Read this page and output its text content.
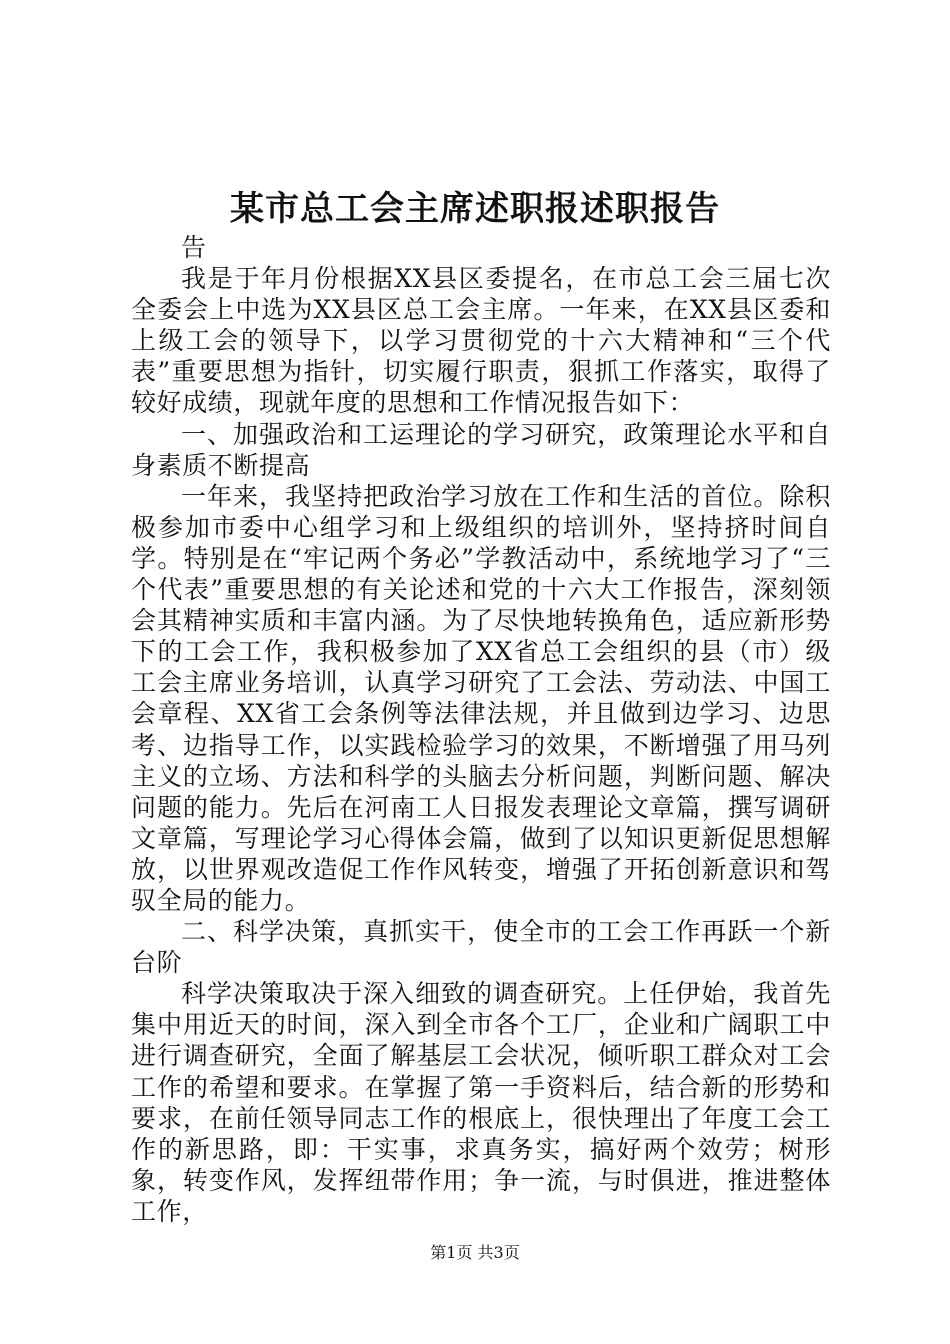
某市总工会主席述职报述职报告

告

我是于年月份根据XX县区委提名，在市总工会三届七次全委会上中选为XX县区总工会主席。一年来，在XX县区委和上级工会的领导下，以学习贯彻党的十六大精神和“三个代表”重要思想为指针，切实履行职责，狠抓工作落实，取得了较好成绩，现就年度的思想和工作情况报告如下：

一、加强政治和工运理论的学习研究，政策理论水平和自身素质不断提高

一年来，我坚持把政治学习放在工作和生活的首位。除积极参加市委中心组学习和上级组织的培训外，坚持挤时间自学。特别是在“牢记两个务必”学教活动中，系统地学习了“三个代表”重要思想的有关论述和党的十六大工作报告，深刻领会其精神实质和丰富内涵。为了尽快地转换角色，适应新形势下的工会工作，我积极参加了XX省总工会组织的县（市）级工会主席业务培训，认真学习研究了工会法、劳动法、中国工会章程、XX省工会条例等法律法规，并且做到边学习、边思考、边指导工作，以实践检验学习的效果，不断增强了用马列主义的立场、方法和科学的头脑去分析问题，判断问题、解决问题的能力。先后在河南工人日报发表理论文章篇，撰写调研文章篇，写理论学习心得体会篇，做到了以知识更新促思想解放，以世界观改造促工作作风转变，增强了开拓创新意识和驾驭全局的能力。

二、科学决策，真抓实干，使全市的工会工作再跃一个新台阶

科学决策取决于深入细致的调查研究。上任伊始，我首先集中用近天的时间，深入到全市各个工厂，企业和广阔职工中进行调查研究，全面了解基层工会状况，倾听职工群众对工会工作的希望和要求。在掌握了第一手资料后，结合新的形势和要求，在前任领导同志工作的根底上，很快理出了年度工会工作的新思路，即：干实事，求真务实，搞好两个效劳；树形象，转变作风，发挥纽带作用；争一流，与时俱进，推进整体工作，

第1页 共3页
